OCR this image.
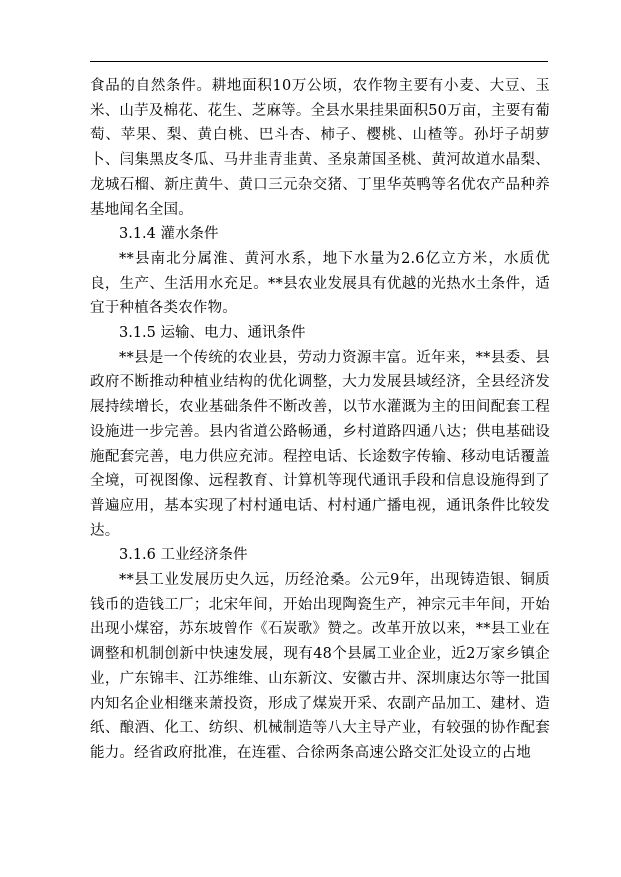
食品的自然条件。耕地面积10万公顷，农作物主要有小麦、大豆、玉米、山芋及棉花、花生、芝麻等。全县水果挂果面积50万亩，主要有葡萄、苹果、梨、黄白桃、巴斗杏、柿子、樱桃、山楂等。孙圩子胡萝卜、闫集黑皮冬瓜、马井韭青韭黄、圣泉萧国圣桃、黄河故道水晶梨、龙城石榴、新庄黄牛、黄口三元杂交猪、丁里华英鸭等名优农产品种养基地闻名全国。

3.1.4 灌水条件

**县南北分属淮、黄河水系，地下水量为2.6亿立方米，水质优良，生产、生活用水充足。**县农业发展具有优越的光热水土条件，适宜于种植各类农作物。

3.1.5 运输、电力、通讯条件

**县是一个传统的农业县，劳动力资源丰富。近年来，**县委、县政府不断推动种植业结构的优化调整，大力发展县域经济，全县经济发展持续增长，农业基础条件不断改善，以节水灌溉为主的田间配套工程设施进一步完善。县内省道公路畅通，乡村道路四通八达；供电基础设施配套完善，电力供应充沛。程控电话、长途数字传输、移动电话覆盖全境，可视图像、远程教育、计算机等现代通讯手段和信息设施得到了普遍应用，基本实现了村村通电话、村村通广播电视，通讯条件比较发达。

3.1.6 工业经济条件

**县工业发展历史久远，历经沧桑。公元9年，出现铸造银、铜质钱币的造钱工厂；北宋年间，开始出现陶瓷生产，神宗元丰年间，开始出现小煤窑，苏东坡曾作《石炭歌》赞之。改革开放以来，**县工业在调整和机制创新中快速发展，现有48个县属工业企业，近2万家乡镇企业，广东锦丰、江苏维维、山东新汶、安徽古井、深圳康达尔等一批国内知名企业相继来萧投资，形成了煤炭开采、农副产品加工、建材、造纸、酿酒、化工、纺织、机械制造等八大主导产业，有较强的协作配套能力。经省政府批准，在连霍、合徐两条高速公路交汇处设立的占地
